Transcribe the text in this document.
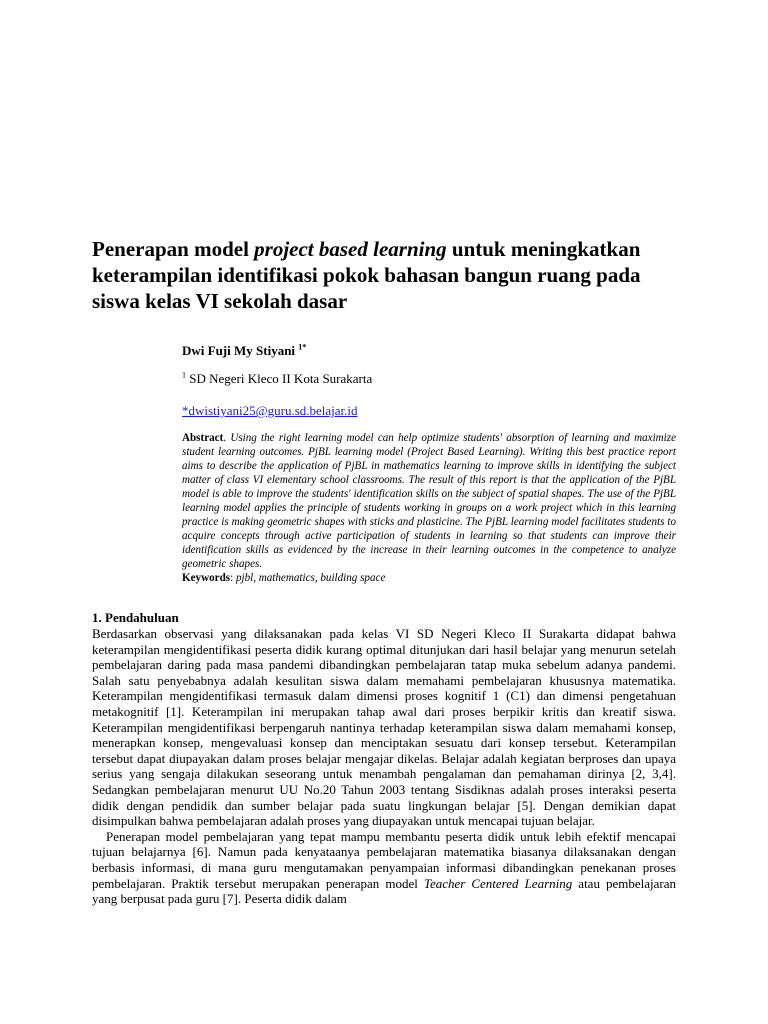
Penerapan model project based learning untuk meningkatkan keterampilan identifikasi pokok bahasan bangun ruang pada siswa kelas VI sekolah dasar

Dwi Fuji My Stiyani $^{1*}$

$^1$ SD Negeri Kleco II Kota Surakarta

*dwistiyani25@guru.sd.belajar.id

Abstract. Using the right learning model can help optimize students' absorption of learning and maximize student learning outcomes. PjBL learning model (Project Based Learning). Writing this best practice report aims to describe the application of PjBL in mathematics learning to improve skills in identifying the subject matter of class VI elementary school classrooms. The result of this report is that the application of the PjBL model is able to improve the students' identification skills on the subject of spatial shapes. The use of the PjBL learning model applies the principle of students working in groups on a work project which in this learning practice is making geometric shapes with sticks and plasticine. The PjBL learning model facilitates students to acquire concepts through active participation of students in learning so that students can improve their identification skills as evidenced by the increase in their learning outcomes in the competence to analyze geometric shapes.

Keywords: pjbl, mathematics, building space

1. Pendahuluan

Berdasarkan observasi yang dilaksanakan pada kelas VI SD Negeri Kleco II Surakarta didapat bahwa keterampilan mengidentifikasi peserta didik kurang optimal ditunjukan dari hasil belajar yang menurun setelah pembelajaran daring pada masa pandemi dibandingkan pembelajaran tatap muka sebelum adanya pandemi. Salah satu penyebabnya adalah kesulitan siswa dalam memahami pembelajaran khususnya matematika. Keterampilan mengidentifikasi termasuk dalam dimensi proses kognitif 1 (C1) dan dimensi pengetahuan metakognitif [1]. Keterampilan ini merupakan tahap awal dari proses berpikir kritis dan kreatif siswa. Keterampilan mengidentifikasi berpengaruh nantinya terhadap keterampilan siswa dalam memahami konsep, menerapkan konsep, mengevaluasi konsep dan menciptakan sesuatu dari konsep tersebut. Keterampilan tersebut dapat diupayakan dalam proses belajar mengajar dikelas. Belajar adalah kegiatan berproses dan upaya serius yang sengaja dilakukan seseorang untuk menambah pengalaman dan pemahaman dirinya [2, 3,4]. Sedangkan pembelajaran menurut UU No.20 Tahun 2003 tentang Sisdiknas adalah proses interaksi peserta didik dengan pendidik dan sumber belajar pada suatu lingkungan belajar [5]. Dengan demikian dapat disimpulkan bahwa pembelajaran adalah proses yang diupayakan untuk mencapai tujuan belajar.

Penerapan model pembelajaran yang tepat mampu membantu peserta didik untuk lebih efektif mencapai tujuan belajarnya [6]. Namun pada kenyataanya pembelajaran matematika biasanya dilaksanakan dengan berbasis informasi, di mana guru mengutamakan penyampaian informasi dibandingkan penekanan proses pembelajaran. Praktik tersebut merupakan penerapan model Teacher Centered Learning atau pembelajaran yang berpusat pada guru [7]. Peserta didik dalam
